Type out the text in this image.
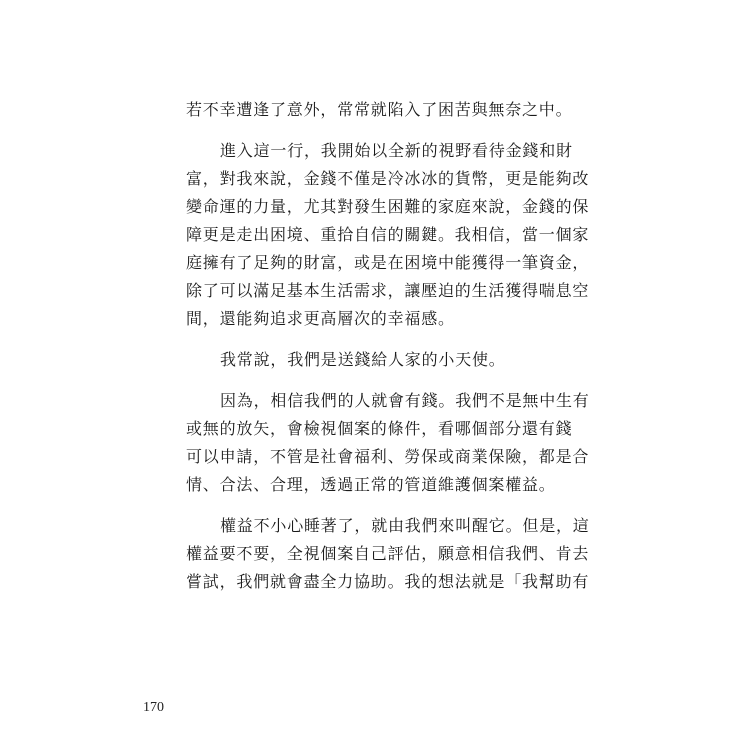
若不幸遭逢了意外，常常就陷入了困苦與無奈之中。

進入這一行，我開始以全新的視野看待金錢和財
富，對我來說，金錢不僅是冷冰冰的貨幣，更是能夠改
變命運的力量，尤其對發生困難的家庭來說，金錢的保
障更是走出困境、重拾自信的關鍵。我相信，當一個家
庭擁有了足夠的財富，或是在困境中能獲得一筆資金，
除了可以滿足基本生活需求，讓壓迫的生活獲得喘息空
間，還能夠追求更高層次的幸福感。

我常說，我們是送錢給人家的小天使。

因為，相信我們的人就會有錢。我們不是無中生有
或無的放矢，會檢視個案的條件，看哪個部分還有錢
可以申請，不管是社會福利、勞保或商業保險，都是合
情、合法、合理，透過正常的管道維護個案權益。

權益不小心睡著了，就由我們來叫醒它。但是，這
權益要不要，全視個案自己評估，願意相信我們、肯去
嘗試，我們就會盡全力協助。我的想法就是「我幫助有

170
